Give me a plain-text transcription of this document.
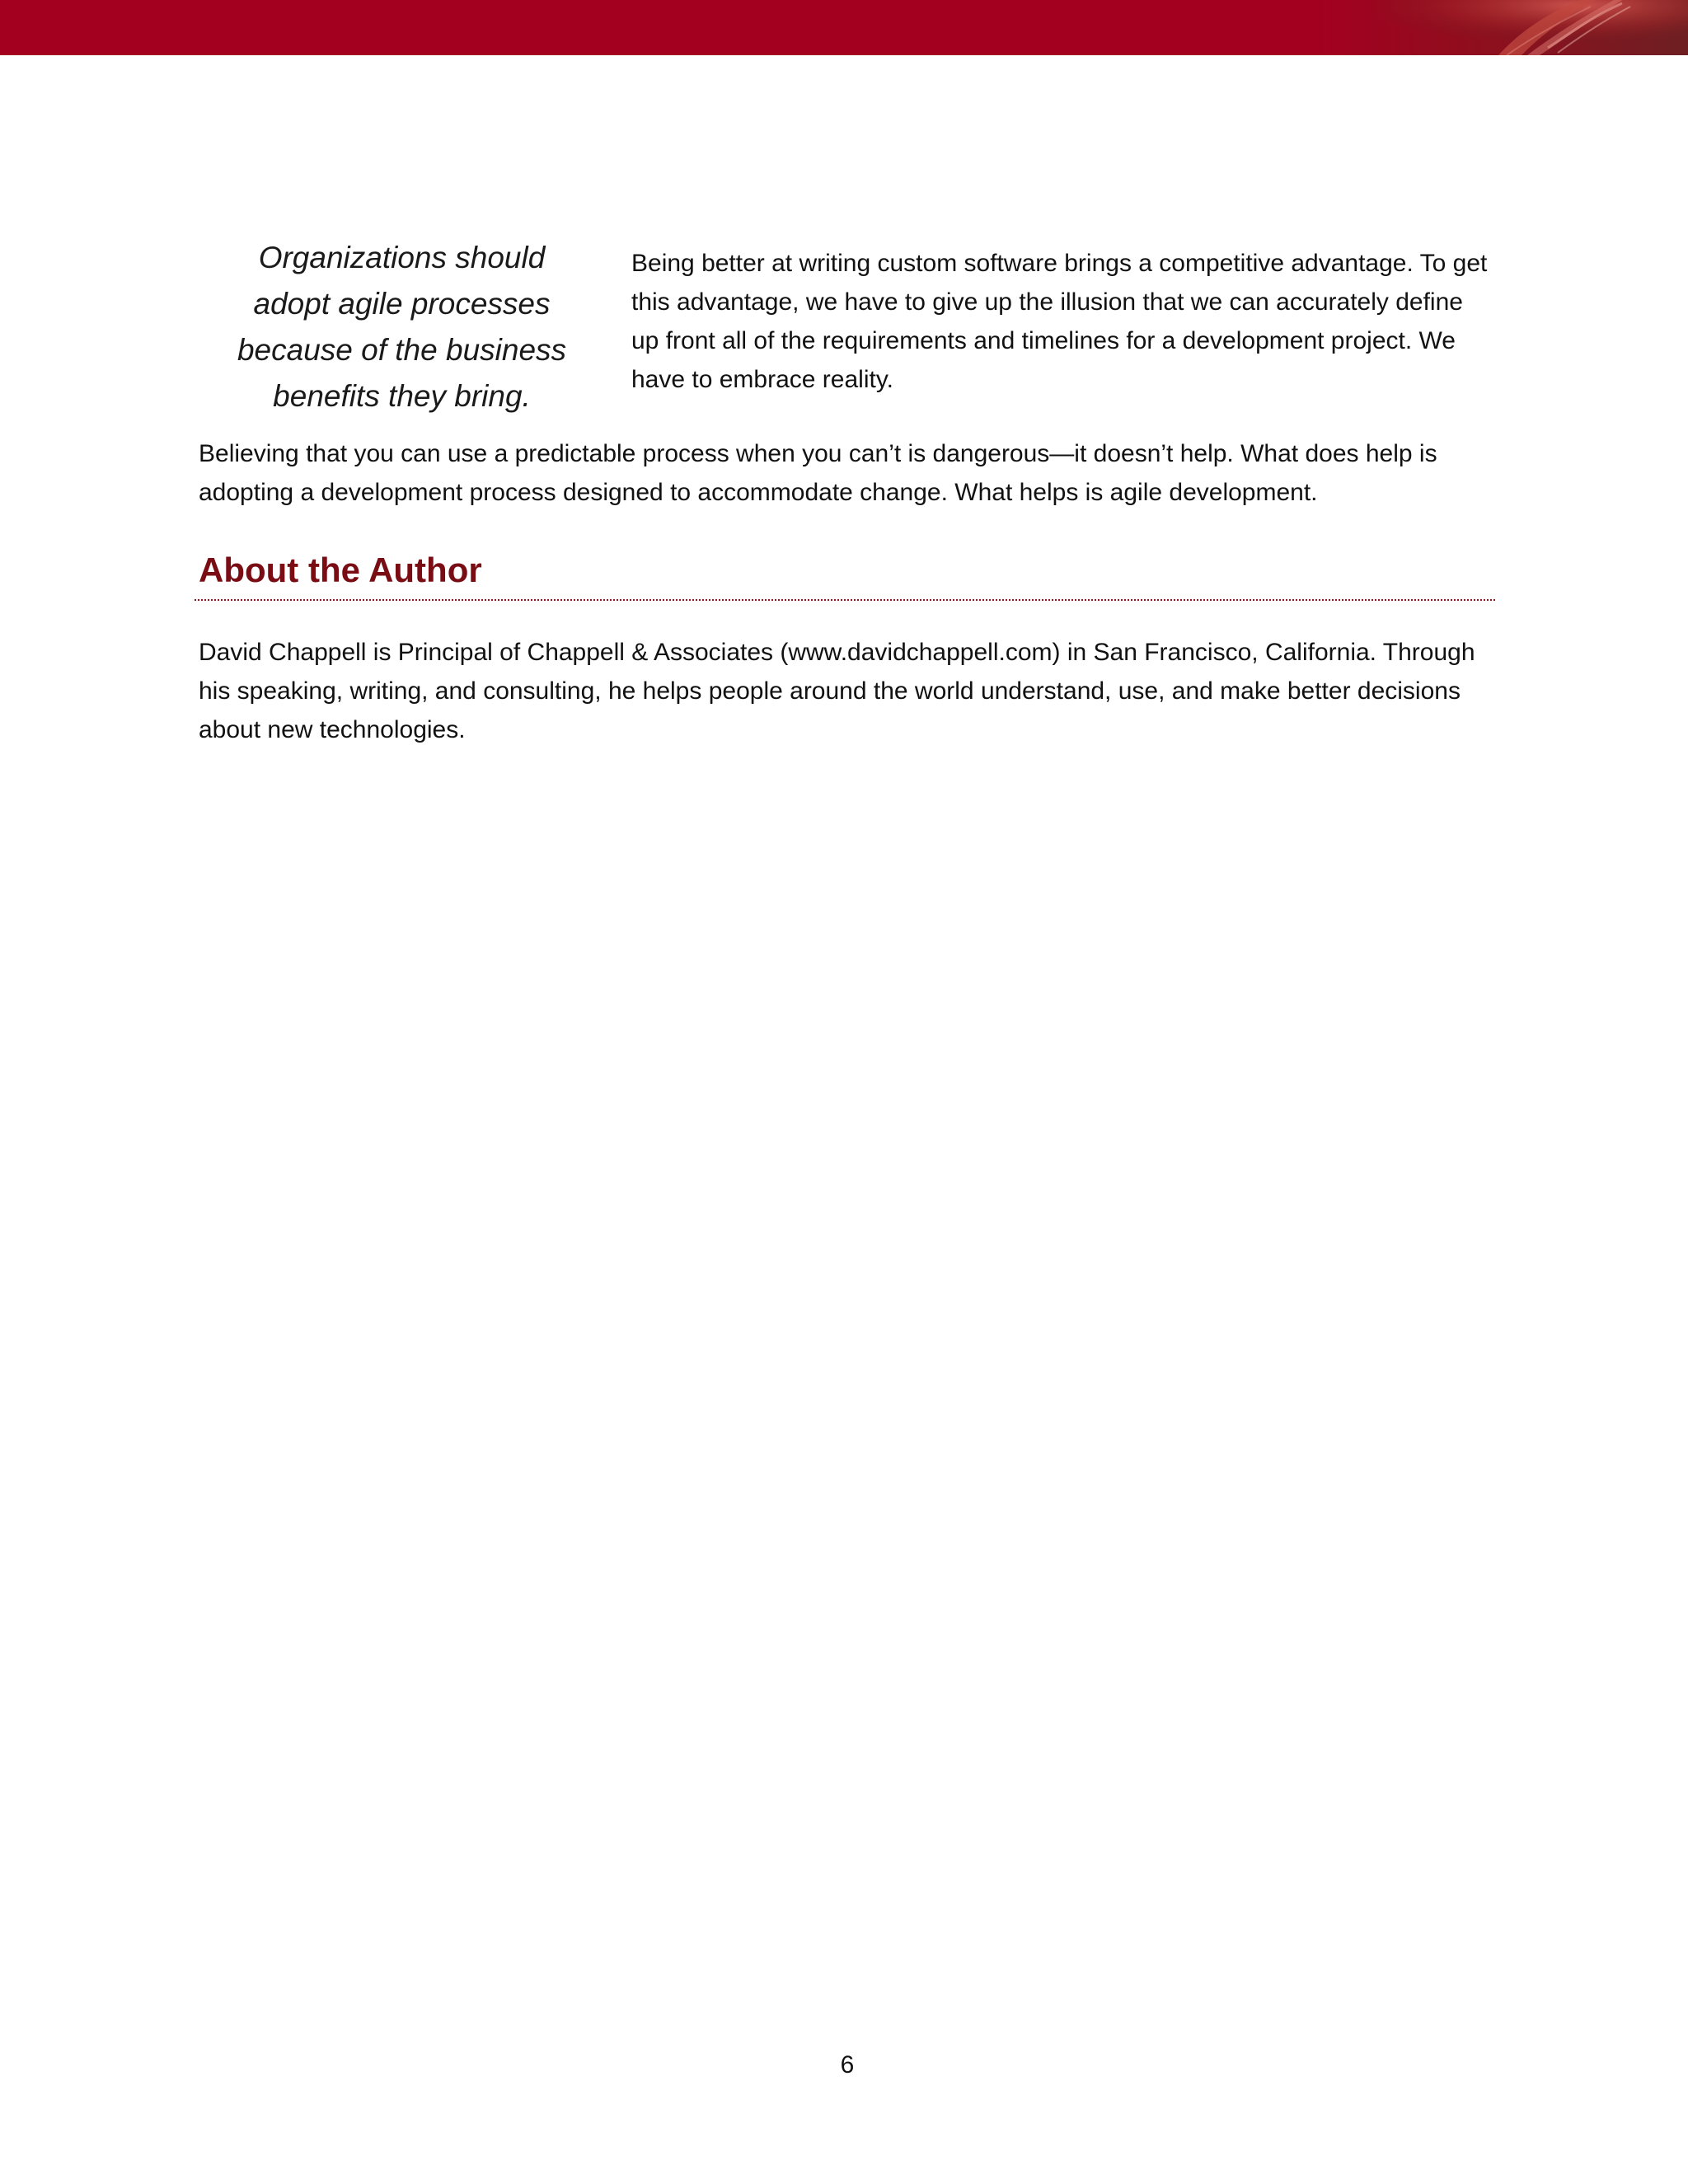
Organizations should adopt agile processes because of the business benefits they bring.
Being better at writing custom software brings a competitive advantage. To get this advantage, we have to give up the illusion that we can accurately define up front all of the requirements and timelines for a development project. We have to embrace reality.
Believing that you can use a predictable process when you can’t is dangerous—it doesn’t help. What does help is adopting a development process designed to accommodate change. What helps is agile development.
About the Author
David Chappell is Principal of Chappell & Associates (www.davidchappell.com) in San Francisco, California. Through his speaking, writing, and consulting, he helps people around the world understand, use, and make better decisions about new technologies.
6
